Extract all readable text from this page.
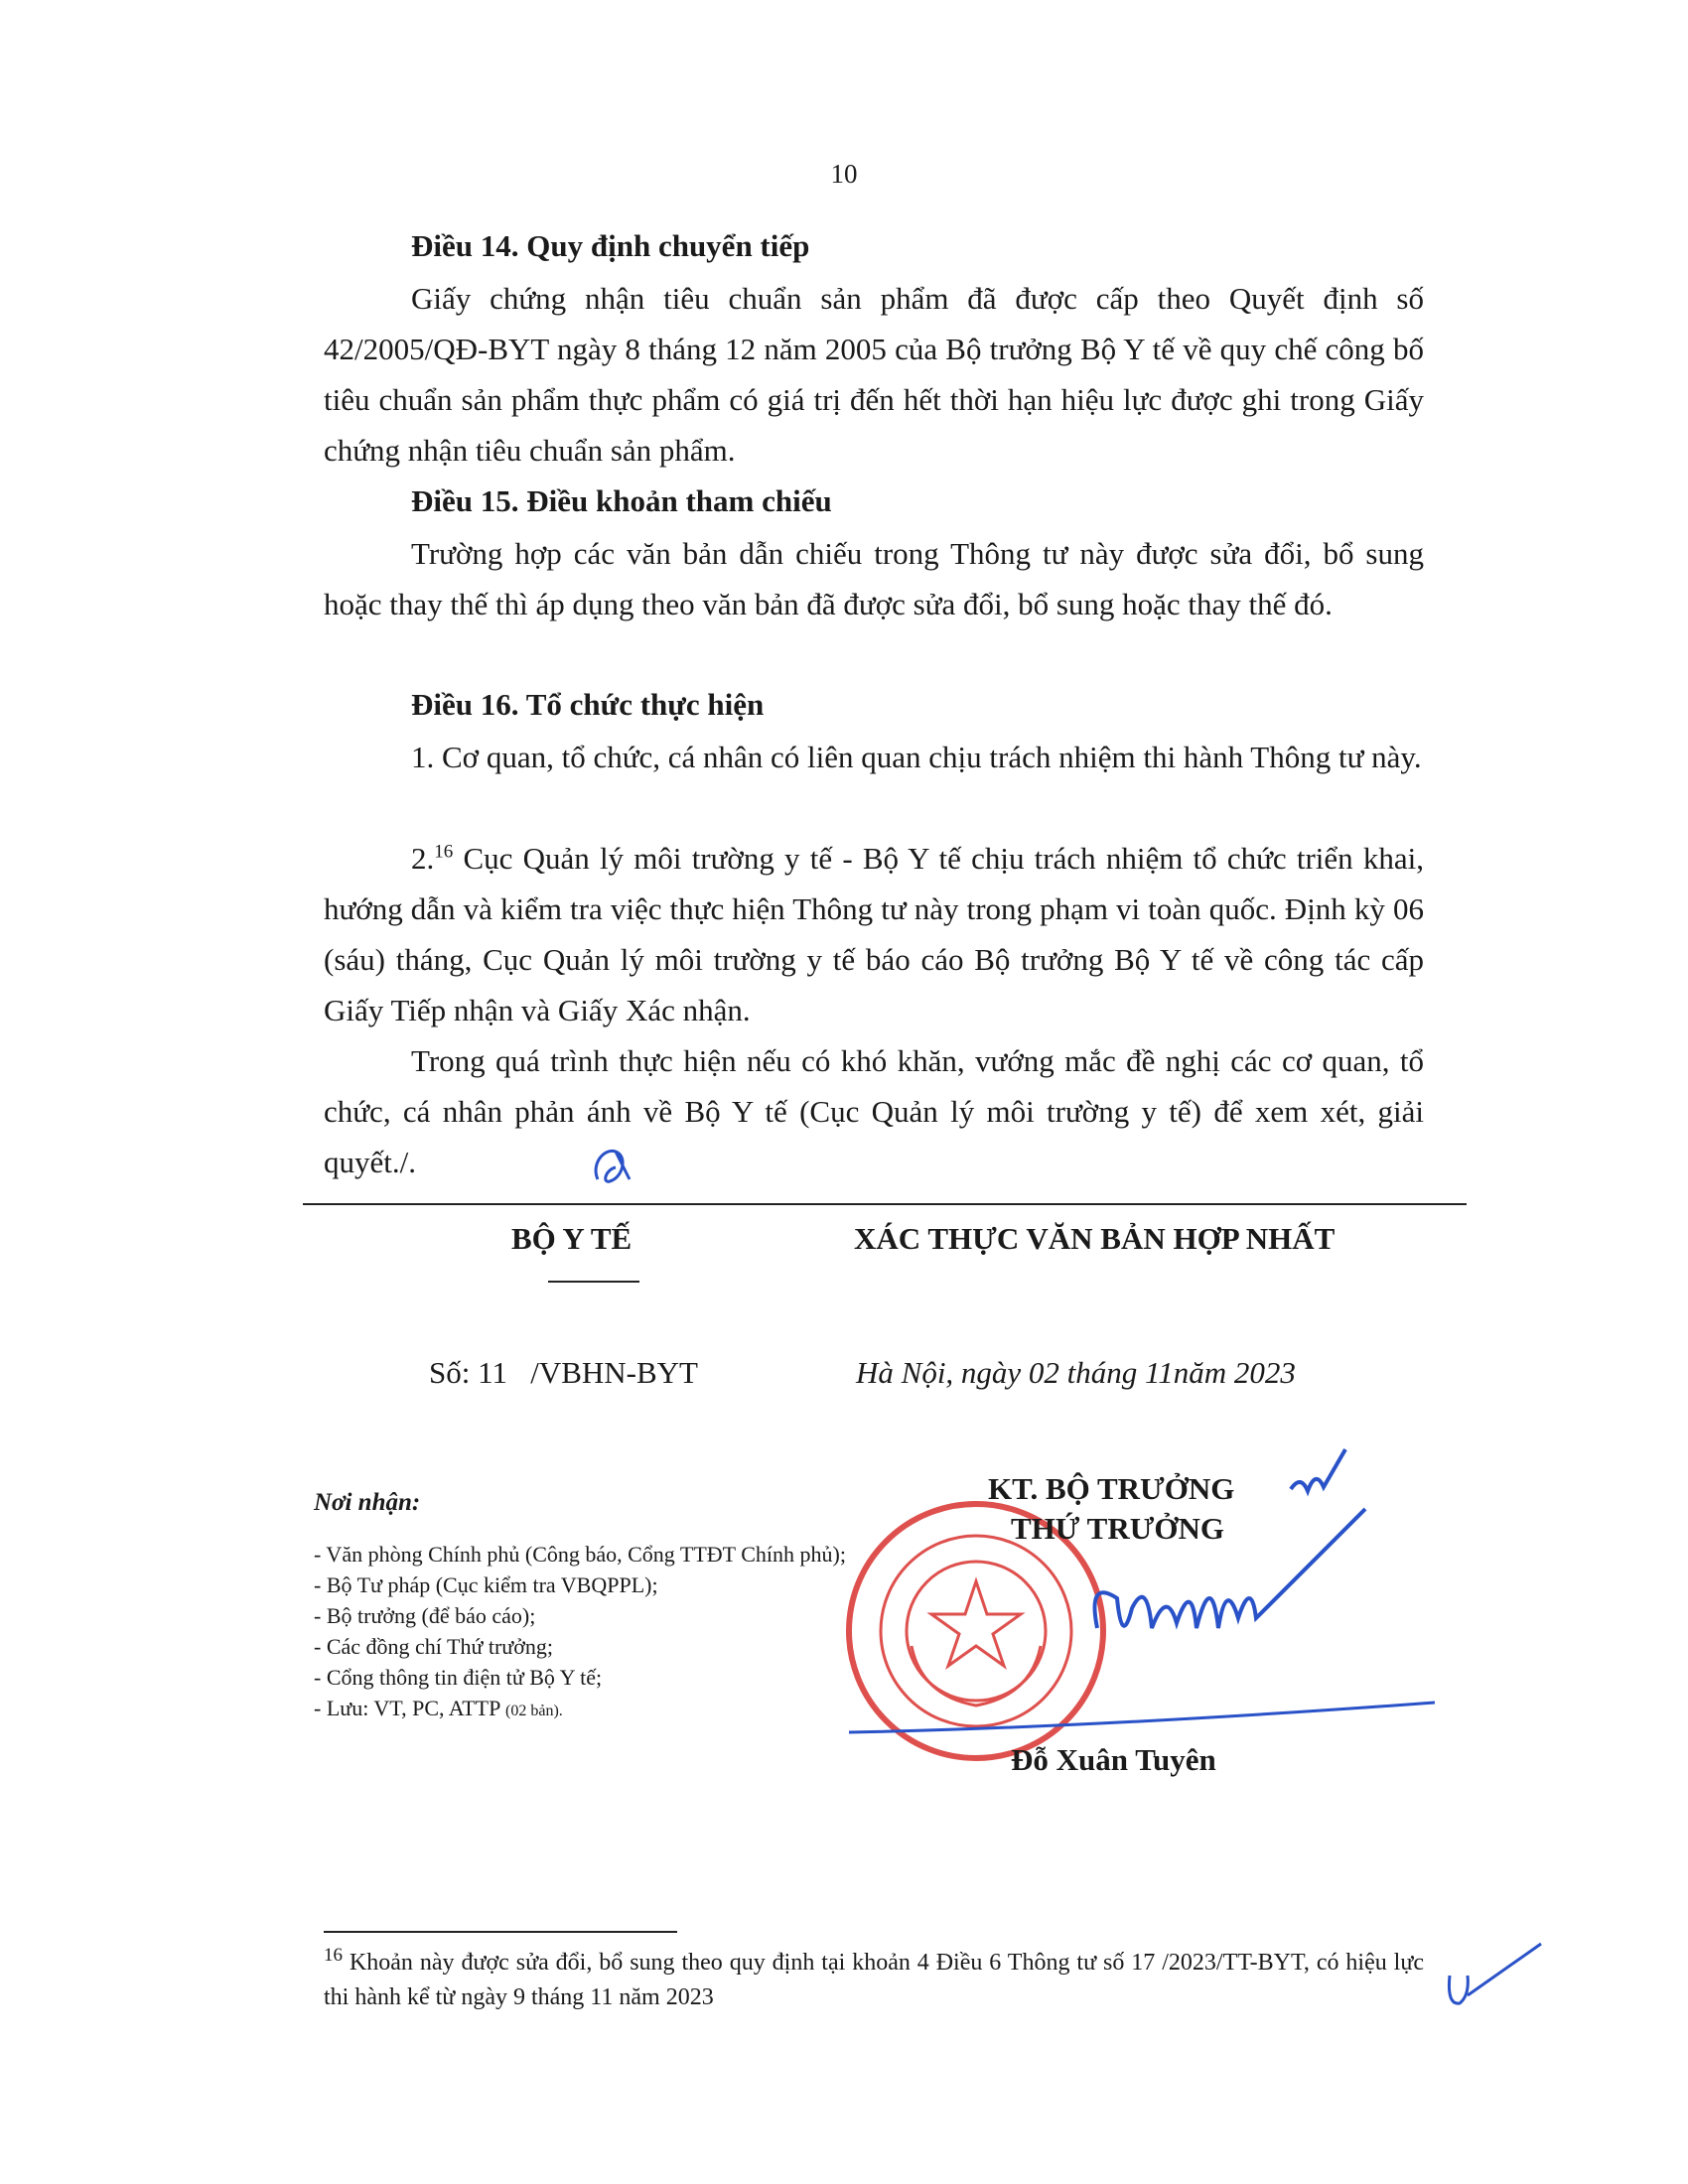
10
Điều 14. Quy định chuyển tiếp
Giấy chứng nhận tiêu chuẩn sản phẩm đã được cấp theo Quyết định số 42/2005/QĐ-BYT ngày 8 tháng 12 năm 2005 của Bộ trưởng Bộ Y tế về quy chế công bố tiêu chuẩn sản phẩm thực phẩm có giá trị đến hết thời hạn hiệu lực được ghi trong Giấy chứng nhận tiêu chuẩn sản phẩm.
Điều 15. Điều khoản tham chiếu
Trường hợp các văn bản dẫn chiếu trong Thông tư này được sửa đổi, bổ sung hoặc thay thế thì áp dụng theo văn bản đã được sửa đổi, bổ sung hoặc thay thế đó.
Điều 16. Tổ chức thực hiện
1. Cơ quan, tổ chức, cá nhân có liên quan chịu trách nhiệm thi hành Thông tư này.
2.16 Cục Quản lý môi trường y tế - Bộ Y tế chịu trách nhiệm tổ chức triển khai, hướng dẫn và kiểm tra việc thực hiện Thông tư này trong phạm vi toàn quốc. Định kỳ 06 (sáu) tháng, Cục Quản lý môi trường y tế báo cáo Bộ trưởng Bộ Y tế về công tác cấp Giấy Tiếp nhận và Giấy Xác nhận.
Trong quá trình thực hiện nếu có khó khăn, vướng mắc đề nghị các cơ quan, tổ chức, cá nhân phản ánh về Bộ Y tế (Cục Quản lý môi trường y tế) để xem xét, giải quyết./.
BỘ Y TẾ	XÁC THỰC VĂN BẢN HỢP NHẤT
Số: 11   /VBHN-BYT	Hà Nội, ngày 02 tháng 11năm 2023
Nơi nhận:
- Văn phòng Chính phủ (Công báo, Cổng TTĐT Chính phủ);
- Bộ Tư pháp (Cục kiểm tra VBQPPL);
- Bộ trưởng (để báo cáo);
- Các đồng chí Thứ trưởng;
- Cổng thông tin điện tử Bộ Y tế;
- Lưu: VT, PC, ATTP (02 bản).
KT. BỘ TRƯỞNG
THỨ TRƯỞNG
Đỗ Xuân Tuyên
$^{16}$ Khoản này được sửa đổi, bổ sung theo quy định tại khoản 4 Điều 6 Thông tư số 17 /2023/TT-BYT, có hiệu lực thi hành kể từ ngày 9 tháng 11 năm 2023
